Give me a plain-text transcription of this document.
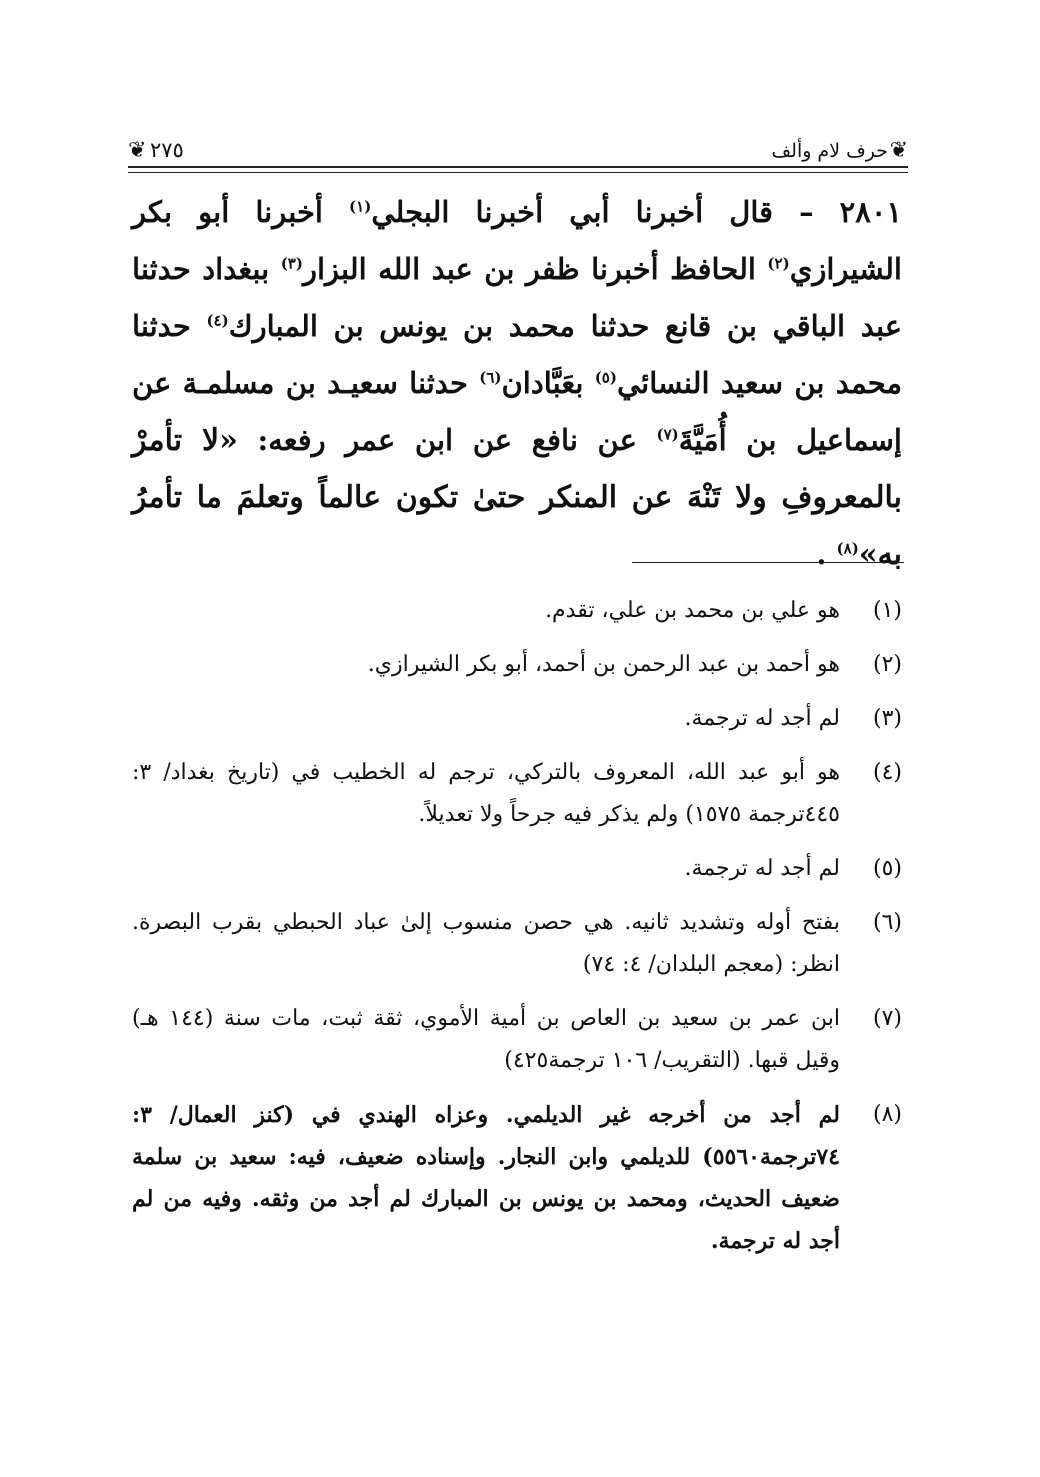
❦
حرف لام وألف
٢٧٥
❦

٢٨٠١ – قال أخبرنا أبي أخبرنا البجلي$^{(١)}$ أخبرنا أبو بكر الشيرازي$^{(٢)}$ الحافظ أخبرنا ظفر بن عبد الله البزار$^{(٣)}$ ببغداد حدثنا عبد الباقي بن قانع حدثنا محمد بن يونس بن المبارك$^{(٤)}$ حدثنا محمد بن سعيد النسائي$^{(٥)}$ بعَبَّادان$^{(٦)}$ حدثنا سعيـد بن مسلمـة عن إسماعيل بن أُمَيَّةَ$^{(٧)}$ عن نافع عن ابن عمر رفعه: «لا تأمرْ بالمعروفِ ولا تَنْهَ عن المنكر حتىٰ تكون عالماً وتعلمَ ما تأمرُ به»$^{(٨)}$ .

(١)
هو علي بن محمد بن علي، تقدم.
(٢)
هو أحمد بن عبد الرحمن بن أحمد، أبو بكر الشيرازي.
(٣)
لم أجد له ترجمة.
(٤)
هو أبو عبد الله، المعروف بالتركي، ترجم له الخطيب في (تاريخ بغداد/ ٣: ٤٤٥ترجمة ١٥٧٥) ولم يذكر فيه جرحاً ولا تعديلاً.
(٥)
لم أجد له ترجمة.
(٦)
بفتح أوله وتشديد ثانيه. هي حصن منسوب إلىٰ عباد الحبطي بقرب البصرة. انظر: (معجم البلدان/ ٤: ٧٤)
(٧)
ابن عمر بن سعيد بن العاص بن أمية الأموي، ثقة ثبت، مات سنة (١٤٤ هـ) وقيل قبها. (التقريب/ ١٠٦ ترجمة٤٢٥)
(٨)
لم أجد من أخرجه غير الديلمي. وعزاه الهندي في (كنز العمال/ ٣: ٧٤ترجمة٥٥٦٠) للديلمي وابن النجار. وإسناده ضعيف، فيه: سعيد بن سلمة ضعيف الحديث، ومحمد بن يونس بن المبارك لم أجد من وثقه. وفيه من لم أجد له ترجمة.
